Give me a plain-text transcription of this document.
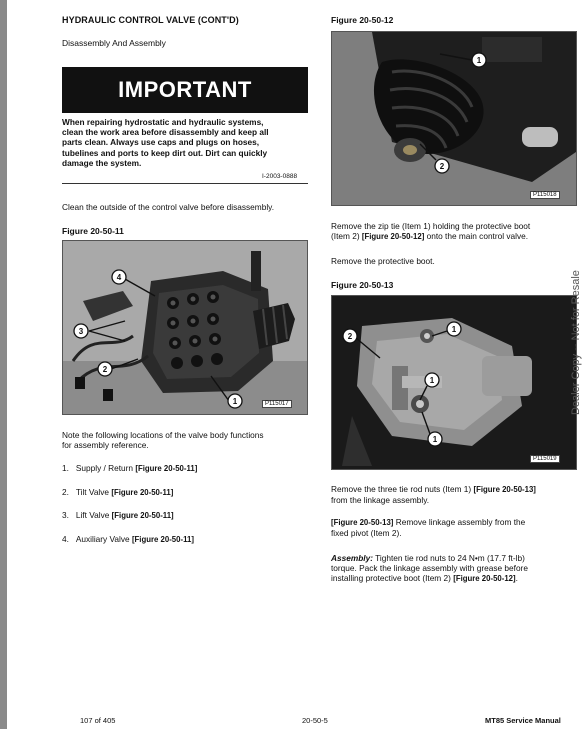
HYDRAULIC CONTROL VALVE (CONT'D)
Disassembly And Assembly
IMPORTANT
When repairing hydrostatic and hydraulic systems,
clean the work area before disassembly and keep all
parts clean. Always use caps and plugs on hoses,
tubelines and ports to keep dirt out. Dirt can quickly
damage the system.
I-2003-0888
Clean the outside of the control valve before disassembly.
Figure 20-50-11
4
3
2
1	P115017
Note the following locations of the valve body functions
for assembly reference.
1. Supply / Return [Figure 20-50-11]
2. Tilt Valve [Figure 20-50-11]
3. Lift Valve [Figure 20-50-11]
4. Auxiliary Valve [Figure 20-50-11]
Figure 20-50-12
1
2
P115018
Remove the zip tie (Item 1) holding the protective boot
(Item 2) [Figure 20-50-12] onto the main control valve.
Remove the protective boot.
Figure 20-50-13
1
2
1
1
P115019
Remove the three tie rod nuts (Item 1) [Figure 20-50-13]
from the linkage assembly.
[Figure 20-50-13] Remove linkage assembly from the
fixed pivot (Item 2).
Assembly: Tighten tie rod nuts to 24 N•m (17.7 ft-lb)
torque. Pack the linkage assembly with grease before
installing protective boot (Item 2) [Figure 20-50-12].
Dealer Copy -- Not for Resale
107 of 405	20-50-5	MT85 Service Manual
